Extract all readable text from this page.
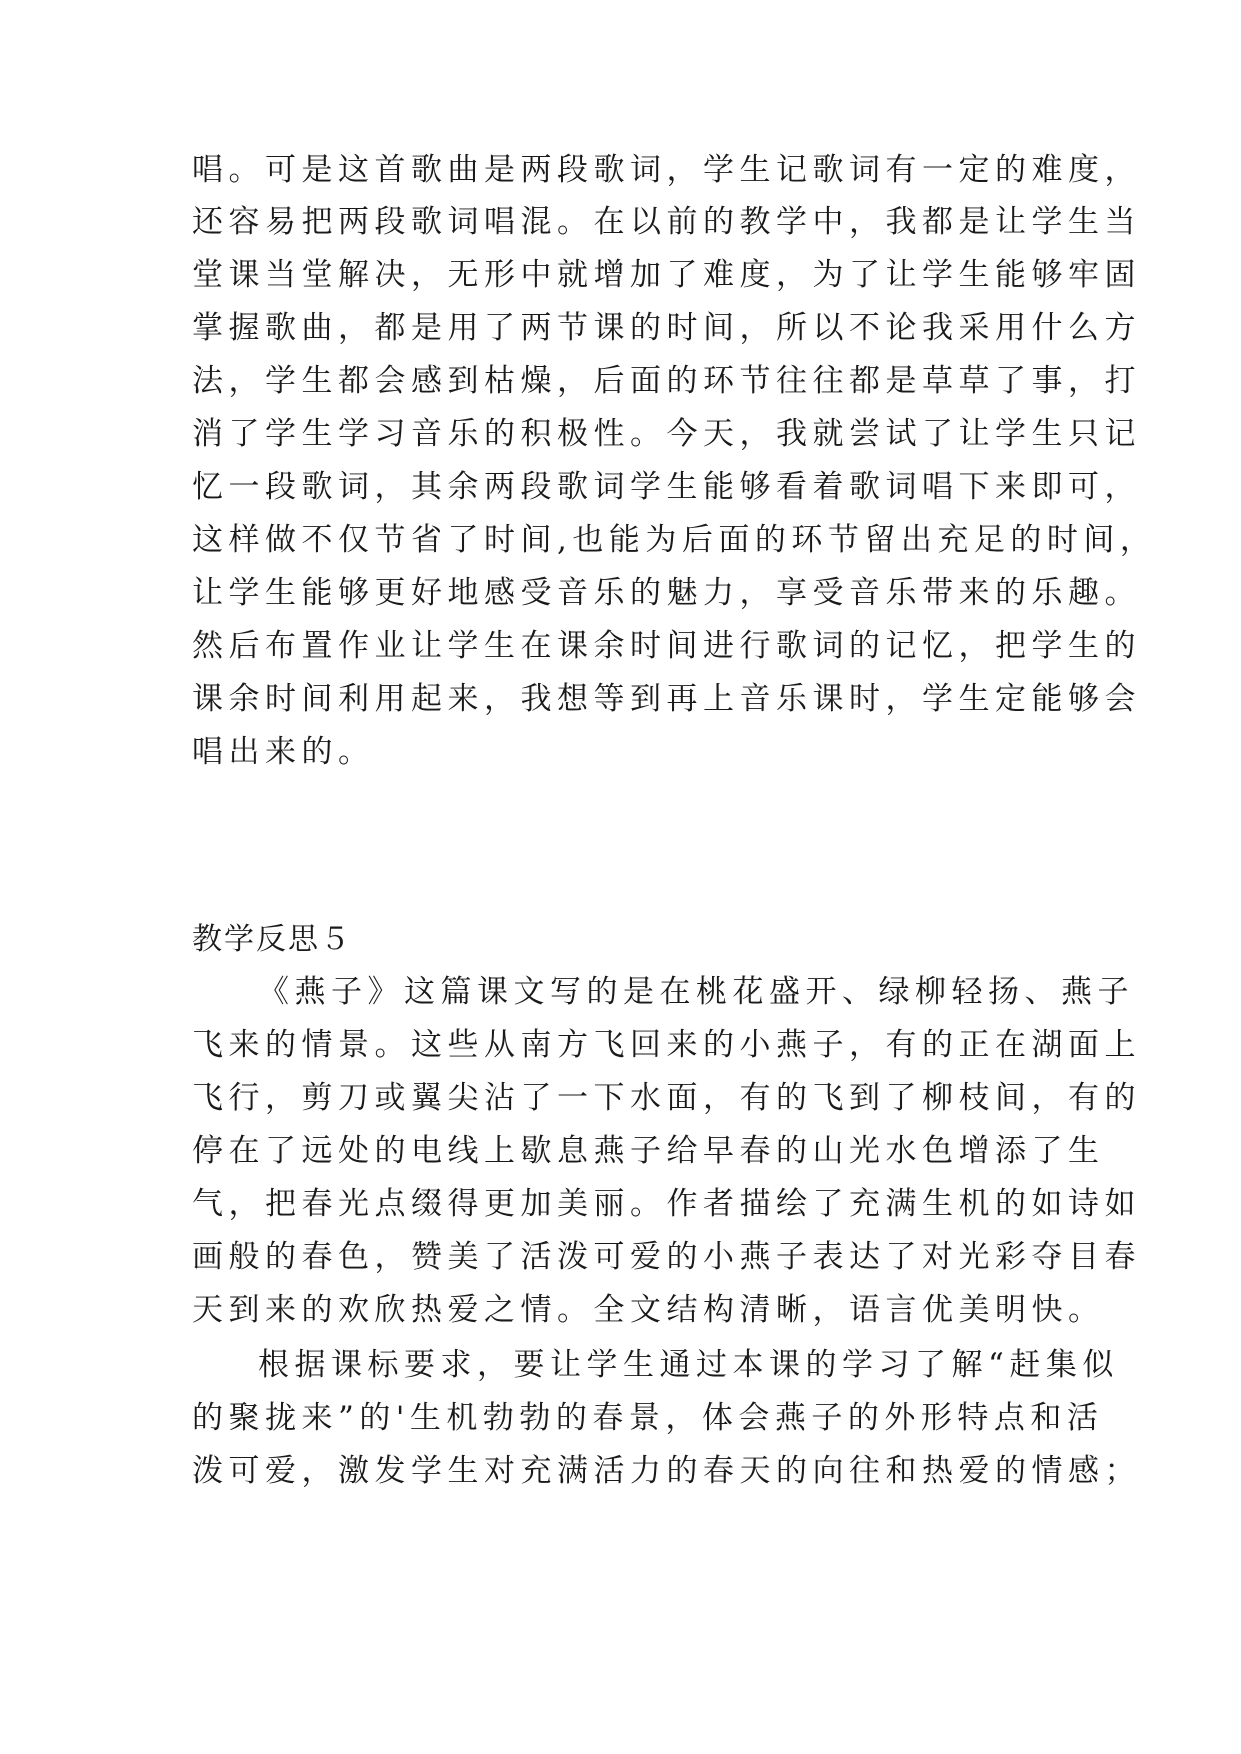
唱。可是这首歌曲是两段歌词，学生记歌词有一定的难度，
还容易把两段歌词唱混。在以前的教学中，我都是让学生当
堂课当堂解决，无形中就增加了难度，为了让学生能够牢固
掌握歌曲，都是用了两节课的时间，所以不论我采用什么方
法，学生都会感到枯燥，后面的环节往往都是草草了事，打
消了学生学习音乐的积极性。今天，我就尝试了让学生只记
忆一段歌词，其余两段歌词学生能够看着歌词唱下来即可，
这样做不仅节省了时间,也能为后面的环节留出充足的时间，
让学生能够更好地感受音乐的魅力，享受音乐带来的乐趣。
然后布置作业让学生在课余时间进行歌词的记忆，把学生的
课余时间利用起来，我想等到再上音乐课时，学生定能够会
唱出来的。
教学反思５
《燕子》这篇课文写的是在桃花盛开、绿柳轻扬、燕子
飞来的情景。这些从南方飞回来的小燕子，有的正在湖面上
飞行，剪刀或翼尖沾了一下水面，有的飞到了柳枝间，有的
停在了远处的电线上歇息燕子给早春的山光水色增添了生
气，把春光点缀得更加美丽。作者描绘了充满生机的如诗如
画般的春色，赞美了活泼可爱的小燕子表达了对光彩夺目春
天到来的欢欣热爱之情。全文结构清晰，语言优美明快。
根据课标要求，要让学生通过本课的学习了解“赶集似
的聚拢来”的'生机勃勃的春景，体会燕子的外形特点和活
泼可爱，激发学生对充满活力的春天的向往和热爱的情感；
